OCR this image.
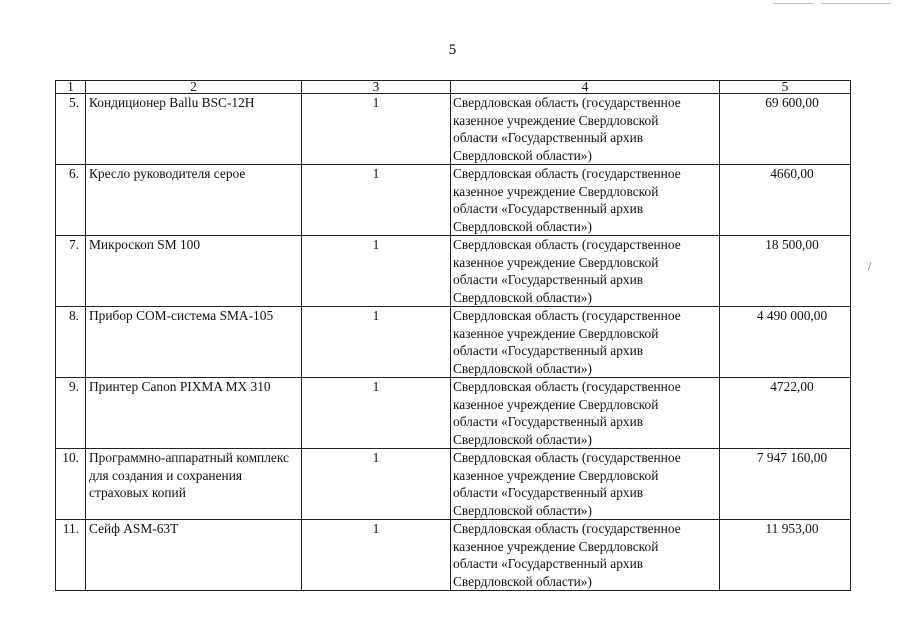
5
1	2	3	4	5
5.	Кондиционер Ballu BSC-12H	1	Свердловская область (государственное
казенное учреждение Свердловской
области «Государственный архив
Свердловской области»)	69 600,00
6.	Кресло руководителя серое	1	Свердловская область (государственное
казенное учреждение Свердловской
области «Государственный архив
Свердловской области»)	4660,00
7.	Микроскоп SM 100	1	Свердловская область (государственное
казенное учреждение Свердловской
области «Государственный архив
Свердловской области»)	18 500,00
8.	Прибор СОМ-система SMA-105	1	Свердловская область (государственное
казенное учреждение Свердловской
области «Государственный архив
Свердловской области»)	4 490 000,00
9.	Принтер Canon PIXMA MX 310	1	Свердловская область (государственное
казенное учреждение Свердловской
области «Государственный архив
Свердловской области»)	4722,00
10.	Программно-аппаратный комплекс для создания и сохранения страховых копий	1	Свердловская область (государственное
казенное учреждение Свердловской
области «Государственный архив
Свердловской области»)	7 947 160,00
11.	Сейф ASM-63T	1	Свердловская область (государственное
казенное учреждение Свердловской
области «Государственный архив
Свердловской области»)	11 953,00
